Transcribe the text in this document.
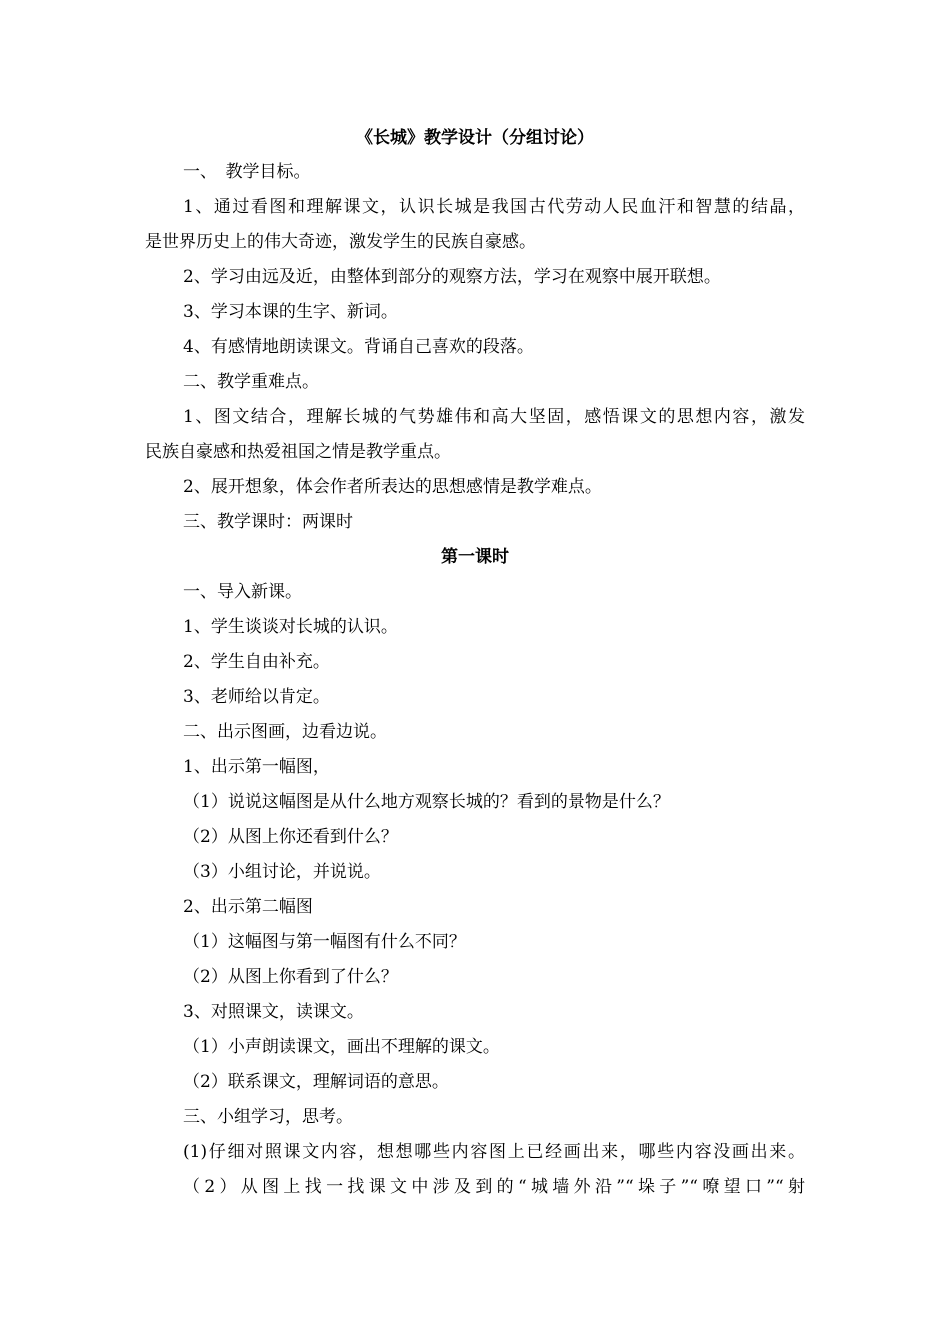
《长城》教学设计（分组讨论）
一、　教学目标。
1、通过看图和理解课文，认识长城是我国古代劳动人民血汗和智慧的结晶，
是世界历史上的伟大奇迹，激发学生的民族自豪感。
2、学习由远及近，由整体到部分的观察方法，学习在观察中展开联想。
3、学习本课的生字、新词。
4、有感情地朗读课文。背诵自己喜欢的段落。
二、教学重难点。
1、图文结合，理解长城的气势雄伟和高大坚固，感悟课文的思想内容，激发
民族自豪感和热爱祖国之情是教学重点。
2、展开想象，体会作者所表达的思想感情是教学难点。
三、教学课时：两课时
第一课时
一、导入新课。
1、学生谈谈对长城的认识。
2、学生自由补充。
3、老师给以肯定。
二、出示图画，边看边说。
1、出示第一幅图，
（1）说说这幅图是从什么地方观察长城的？看到的景物是什么？
（2）从图上你还看到什么？
（3）小组讨论，并说说。
2、出示第二幅图
（1）这幅图与第一幅图有什么不同？
（2）从图上你看到了什么？
3、对照课文，读课文。
（1）小声朗读课文，画出不理解的课文。
（2）联系课文，理解词语的意思。
三、小组学习，思考。
(1)仔细对照课文内容，想想哪些内容图上已经画出来，哪些内容没画出来。
（2）从图上找一找课文中涉及到的“城墙外沿”“垛子”“嘹望口”“射
